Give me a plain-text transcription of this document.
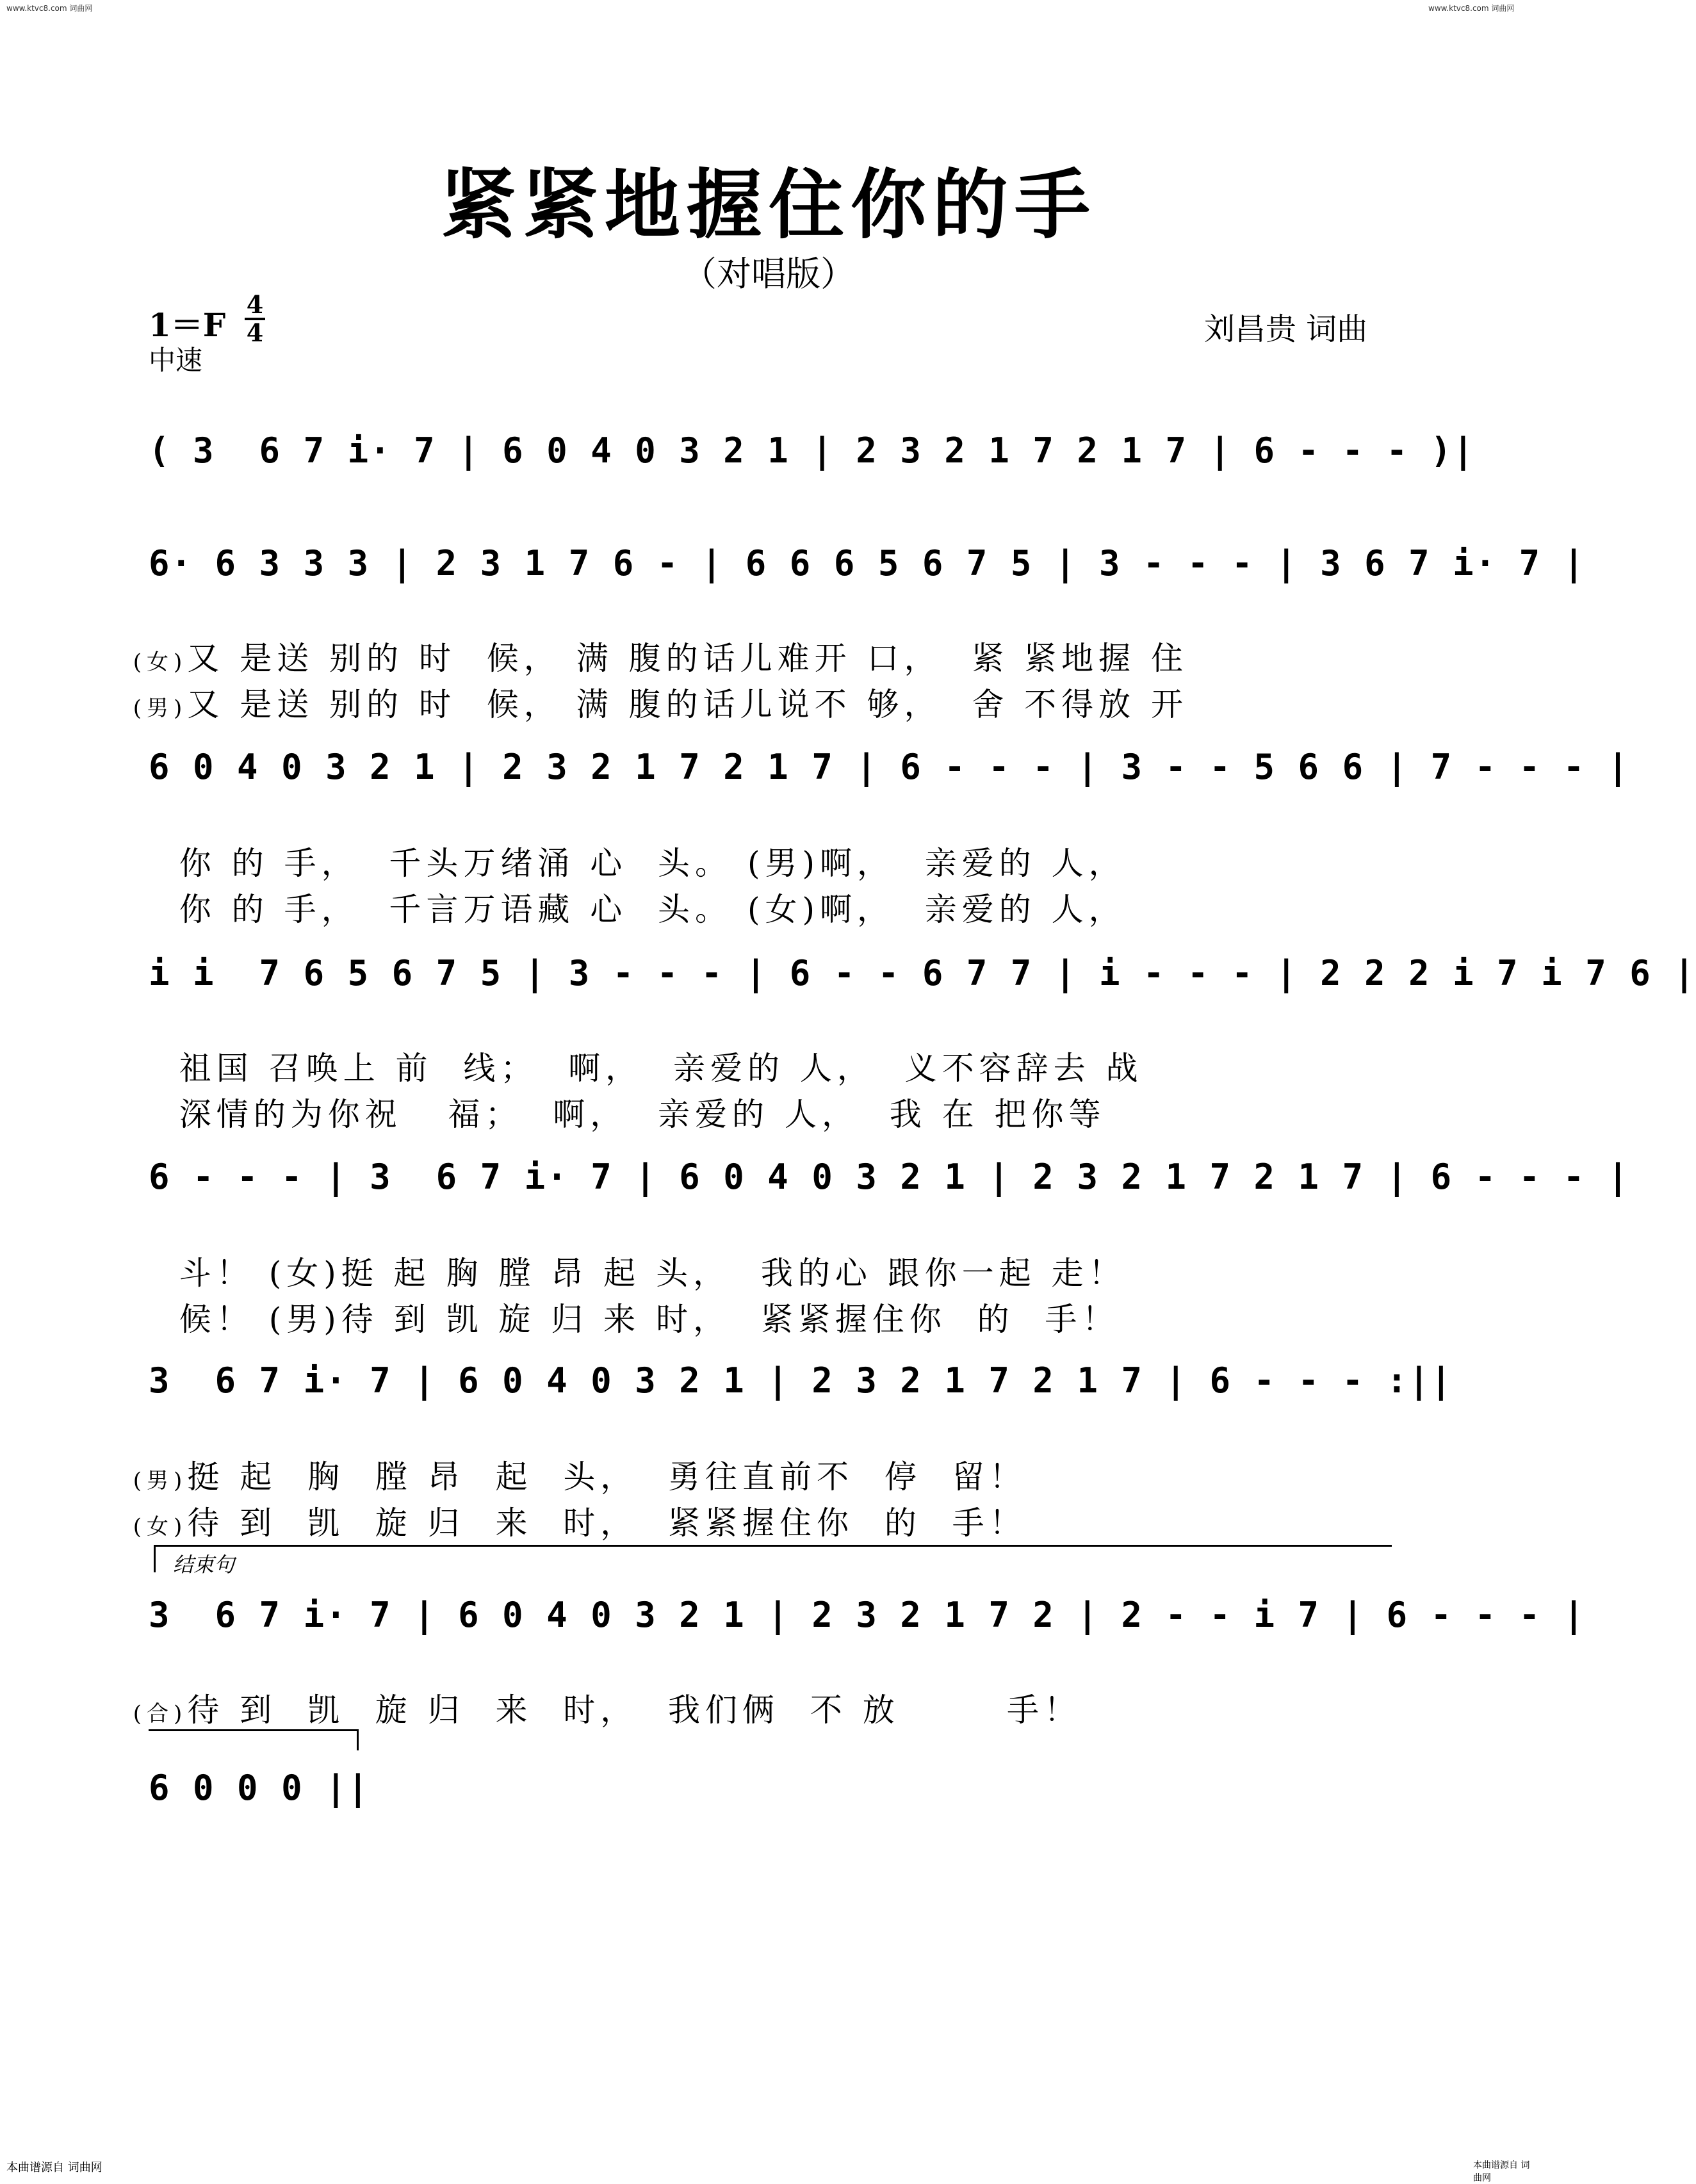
www.ktvc8.com 词曲网	www.ktvc8.com 词曲网
紧紧地握住你的手
（对唱版）
1＝F
4
4
中速
刘昌贵 词曲
( 3  6 7 i· 7 | 6 0 4 0 3 2 1 | 2 3 2 1 7 2 1 7 | 6 - - - )|
6· 6 3 3 3 | 2 3 1 7 6 - | 6 6 6 5 6 7 5 | 3 - - - | 3 6 7 i· 7 |

(女)又 是送 别的 时  候， 满 腹的话儿难开 口，  紧 紧地握 住

(男)又 是送 别的 时  候， 满 腹的话儿说不 够，  舍 不得放 开

6 0 4 0 3 2 1 | 2 3 2 1 7 2 1 7 | 6 - - - | 3 - - 5 6 6 | 7 - - - |

你 的 手，  千头万绪涌 心  头。 (男)啊，  亲爱的 人，

你 的 手，  千言万语藏 心  头。 (女)啊，  亲爱的 人，

i i  7 6 5 6 7 5 | 3 - - - | 6 - - 6 7 7 | i - - - | 2 2 2 i 7 i 7 6 |

祖国 召唤上 前  线；  啊，  亲爱的 人，  义不容辞去 战

深情的为你祝   福；  啊，  亲爱的 人，  我 在 把你等

6 - - - | 3  6 7 i· 7 | 6 0 4 0 3 2 1 | 2 3 2 1 7 2 1 7 | 6 - - - |

斗！ (女)挺 起 胸 膛 昂 起 头，  我的心 跟你一起 走！

候！ (男)待 到 凯 旋 归 来 时，  紧紧握住你  的  手！

3  6 7 i· 7 | 6 0 4 0 3 2 1 | 2 3 2 1 7 2 1 7 | 6 - - - :||

(男)挺 起  胸  膛 昂  起  头，  勇往直前不  停  留！

(女)待 到  凯  旋 归  来  时，  紧紧握住你  的  手！

结束句
3  6 7 i· 7 | 6 0 4 0 3 2 1 | 2 3 2 1 7 2 | 2 - - i 7 | 6 - - - |

(合)待 到  凯  旋 归  来  时，  我们俩  不 放       手！

6 0 0 0 ||
本曲谱源自 词曲网	本曲谱源自 词曲网
